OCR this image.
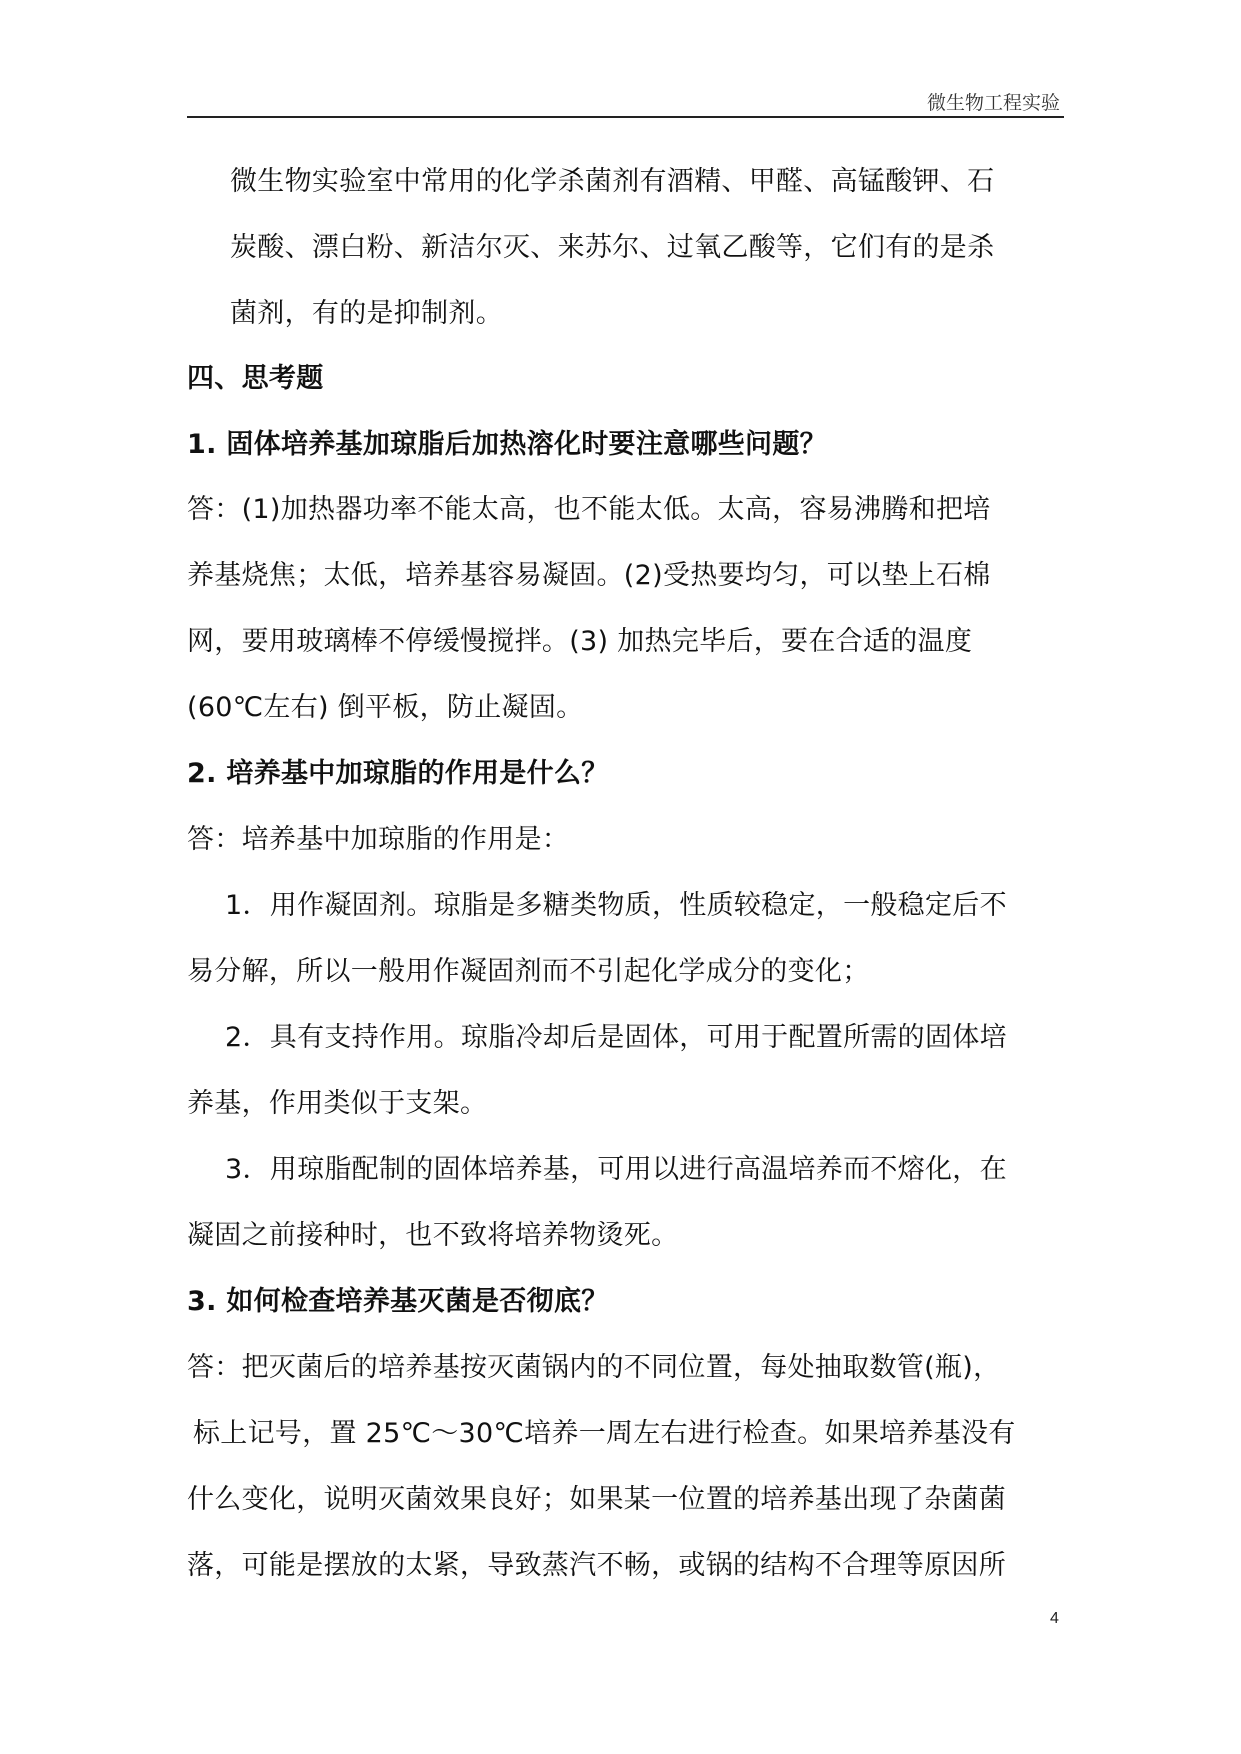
微生物工程实验
微生物实验室中常用的化学杀菌剂有酒精、甲醛、高锰酸钾、石
炭酸、漂白粉、新洁尔灭、来苏尔、过氧乙酸等，它们有的是杀
菌剂，有的是抑制剂。
四、思考题
1. 固体培养基加琼脂后加热溶化时要注意哪些问题？
答：(1)加热器功率不能太高，也不能太低。太高，容易沸腾和把培
养基烧焦；太低，培养基容易凝固。(2)受热要均匀，可以垫上石棉
网，要用玻璃棒不停缓慢搅拌。(3) 加热完毕后，要在合适的温度
(60℃左右) 倒平板，防止凝固。
2. 培养基中加琼脂的作用是什么？
答：培养基中加琼脂的作用是：
1．用作凝固剂。琼脂是多糖类物质，性质较稳定，一般稳定后不
易分解，所以一般用作凝固剂而不引起化学成分的变化；
2．具有支持作用。琼脂冷却后是固体，可用于配置所需的固体培
养基，作用类似于支架。
3．用琼脂配制的固体培养基，可用以进行高温培养而不熔化，在
凝固之前接种时，也不致将培养物烫死。
3. 如何检查培养基灭菌是否彻底？
答：把灭菌后的培养基按灭菌锅内的不同位置，每处抽取数管(瓶)，
标上记号，置 25℃～30℃培养一周左右进行检查。如果培养基没有
什么变化，说明灭菌效果良好；如果某一位置的培养基出现了杂菌菌
落，可能是摆放的太紧，导致蒸汽不畅，或锅的结构不合理等原因所
4
